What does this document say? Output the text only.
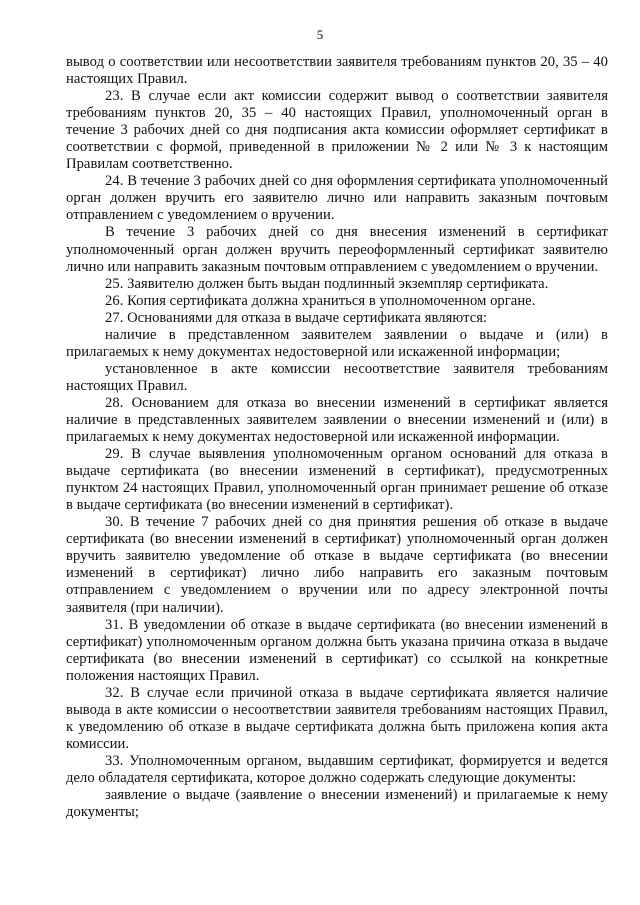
5

вывод о соответствии или несоответствии заявителя требованиям пунктов 20, 35 – 40 настоящих Правил.

23. В случае если акт комиссии содержит вывод о соответствии заявителя требованиям пунктов 20, 35 – 40 настоящих Правил, уполномоченный орган в течение 3 рабочих дней со дня подписания акта комиссии оформляет сертификат в соответствии с формой, приведенной в приложении № 2 или № 3 к настоящим Правилам соответственно.

24. В течение 3 рабочих дней со дня оформления сертификата уполномоченный орган должен вручить его заявителю лично или направить заказным почтовым отправлением с уведомлением о вручении.

В течение 3 рабочих дней со дня внесения изменений в сертификат уполномоченный орган должен вручить переоформленный сертификат заявителю лично или направить заказным почтовым отправлением с уведомлением о вручении.

25. Заявителю должен быть выдан подлинный экземпляр сертификата.

26. Копия сертификата должна храниться в уполномоченном органе.

27. Основаниями для отказа в выдаче сертификата являются:

наличие в представленном заявителем заявлении о выдаче и (или) в прилагаемых к нему документах недостоверной или искаженной информации;

установленное в акте комиссии несоответствие заявителя требованиям настоящих Правил.

28. Основанием для отказа во внесении изменений в сертификат является наличие в представленных заявителем заявлении о внесении изменений и (или) в прилагаемых к нему документах недостоверной или искаженной информации.

29. В случае выявления уполномоченным органом оснований для отказа в выдаче сертификата (во внесении изменений в сертификат), предусмотренных пунктом 24 настоящих Правил, уполномоченный орган принимает решение об отказе в выдаче сертификата (во внесении изменений в сертификат).

30. В течение 7 рабочих дней со дня принятия решения об отказе в выдаче сертификата (во внесении изменений в сертификат) уполномоченный орган должен вручить заявителю уведомление об отказе в выдаче сертификата (во внесении изменений в сертификат) лично либо направить его заказным почтовым отправлением с уведомлением о вручении или по адресу электронной почты заявителя (при наличии).

31. В уведомлении об отказе в выдаче сертификата (во внесении изменений в сертификат) уполномоченным органом должна быть указана причина отказа в выдаче сертификата (во внесении изменений в сертификат) со ссылкой на конкретные положения настоящих Правил.

32. В случае если причиной отказа в выдаче сертификата является наличие вывода в акте комиссии о несоответствии заявителя требованиям настоящих Правил, к уведомлению об отказе в выдаче сертификата должна быть приложена копия акта комиссии.

33. Уполномоченным органом, выдавшим сертификат, формируется и ведется дело обладателя сертификата, которое должно содержать следующие документы:

заявление о выдаче (заявление о внесении изменений) и прилагаемые к нему документы;
